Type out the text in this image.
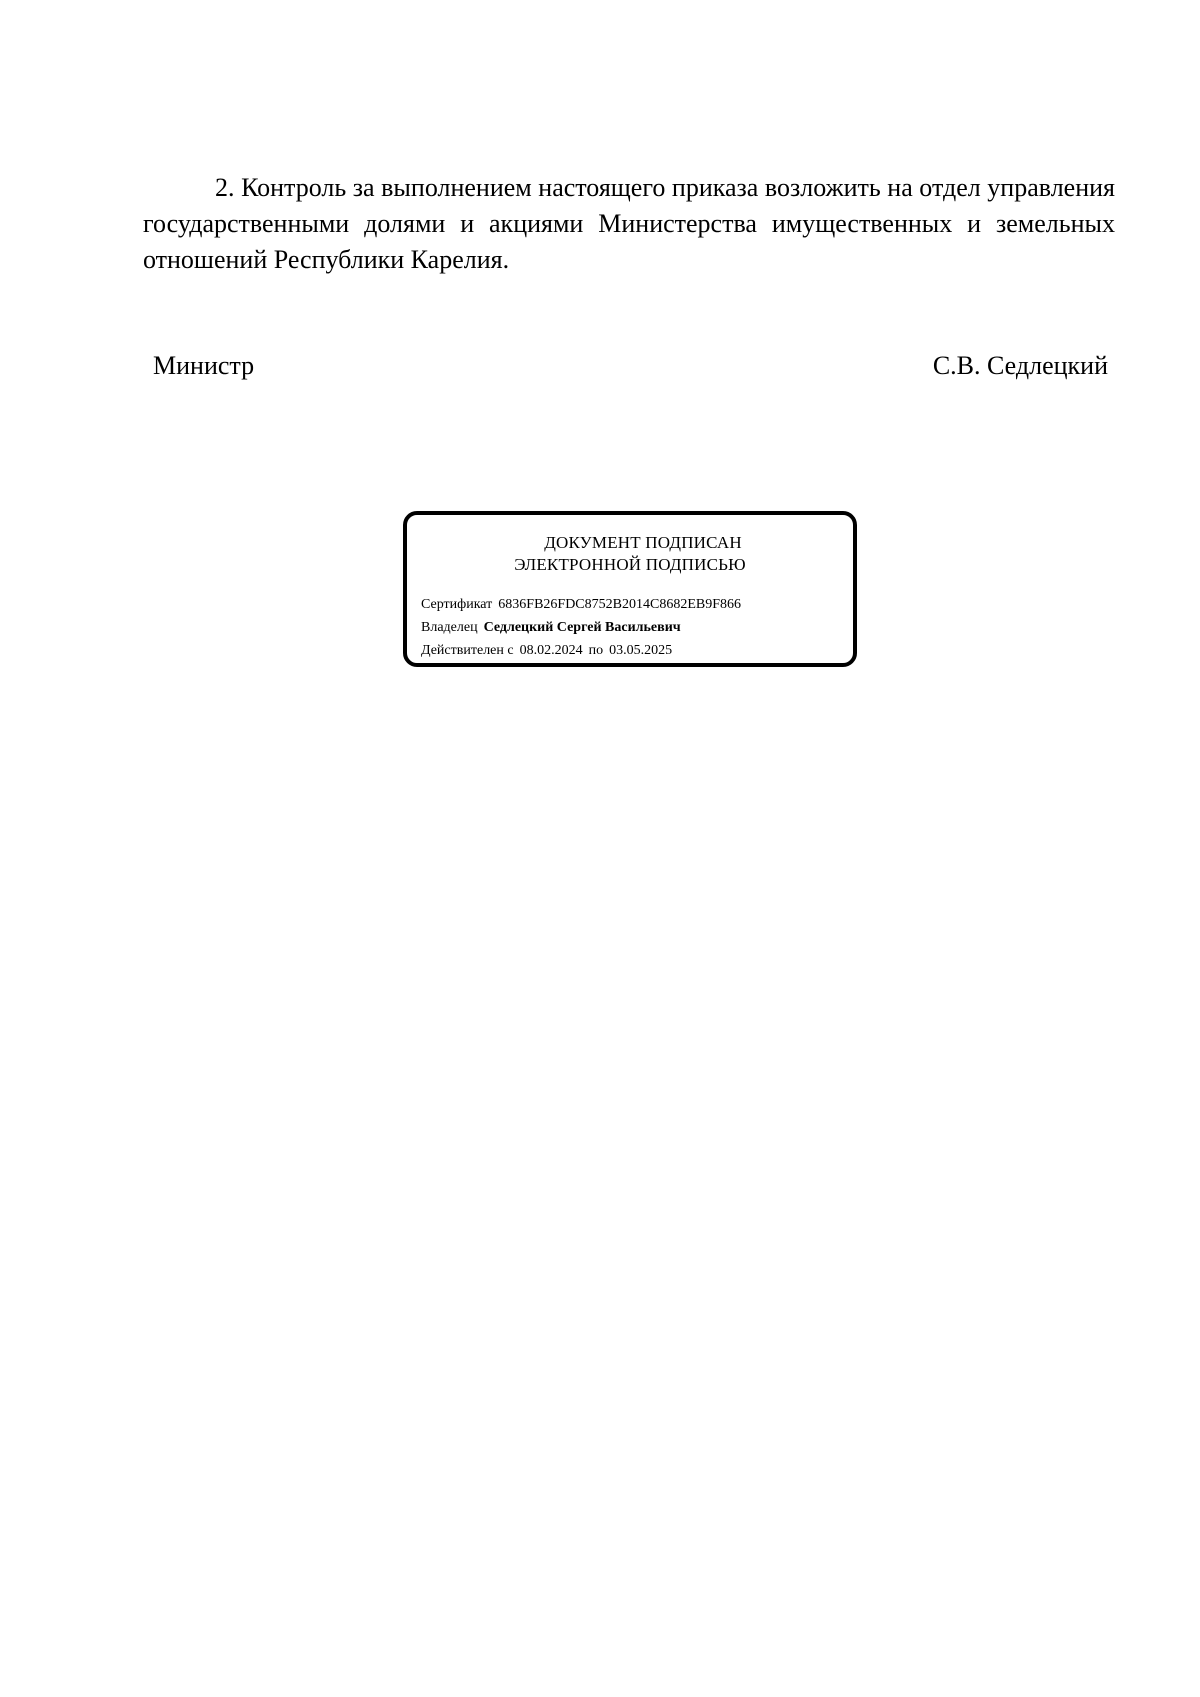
2. Контроль за выполнением настоящего приказа возложить на отдел управления государственными долями и акциями Министерства имущественных и земельных отношений Республики Карелия.

Министр	С.В. Седлецкий
ДОКУМЕНТ ПОДПИСАН
ЭЛЕКТРОННОЙ ПОДПИСЬЮ
Сертификат 6836FB26FDC8752B2014C8682EB9F866
Владелец Седлецкий Сергей Васильевич
Действителен с 08.02.2024 по 03.05.2025
